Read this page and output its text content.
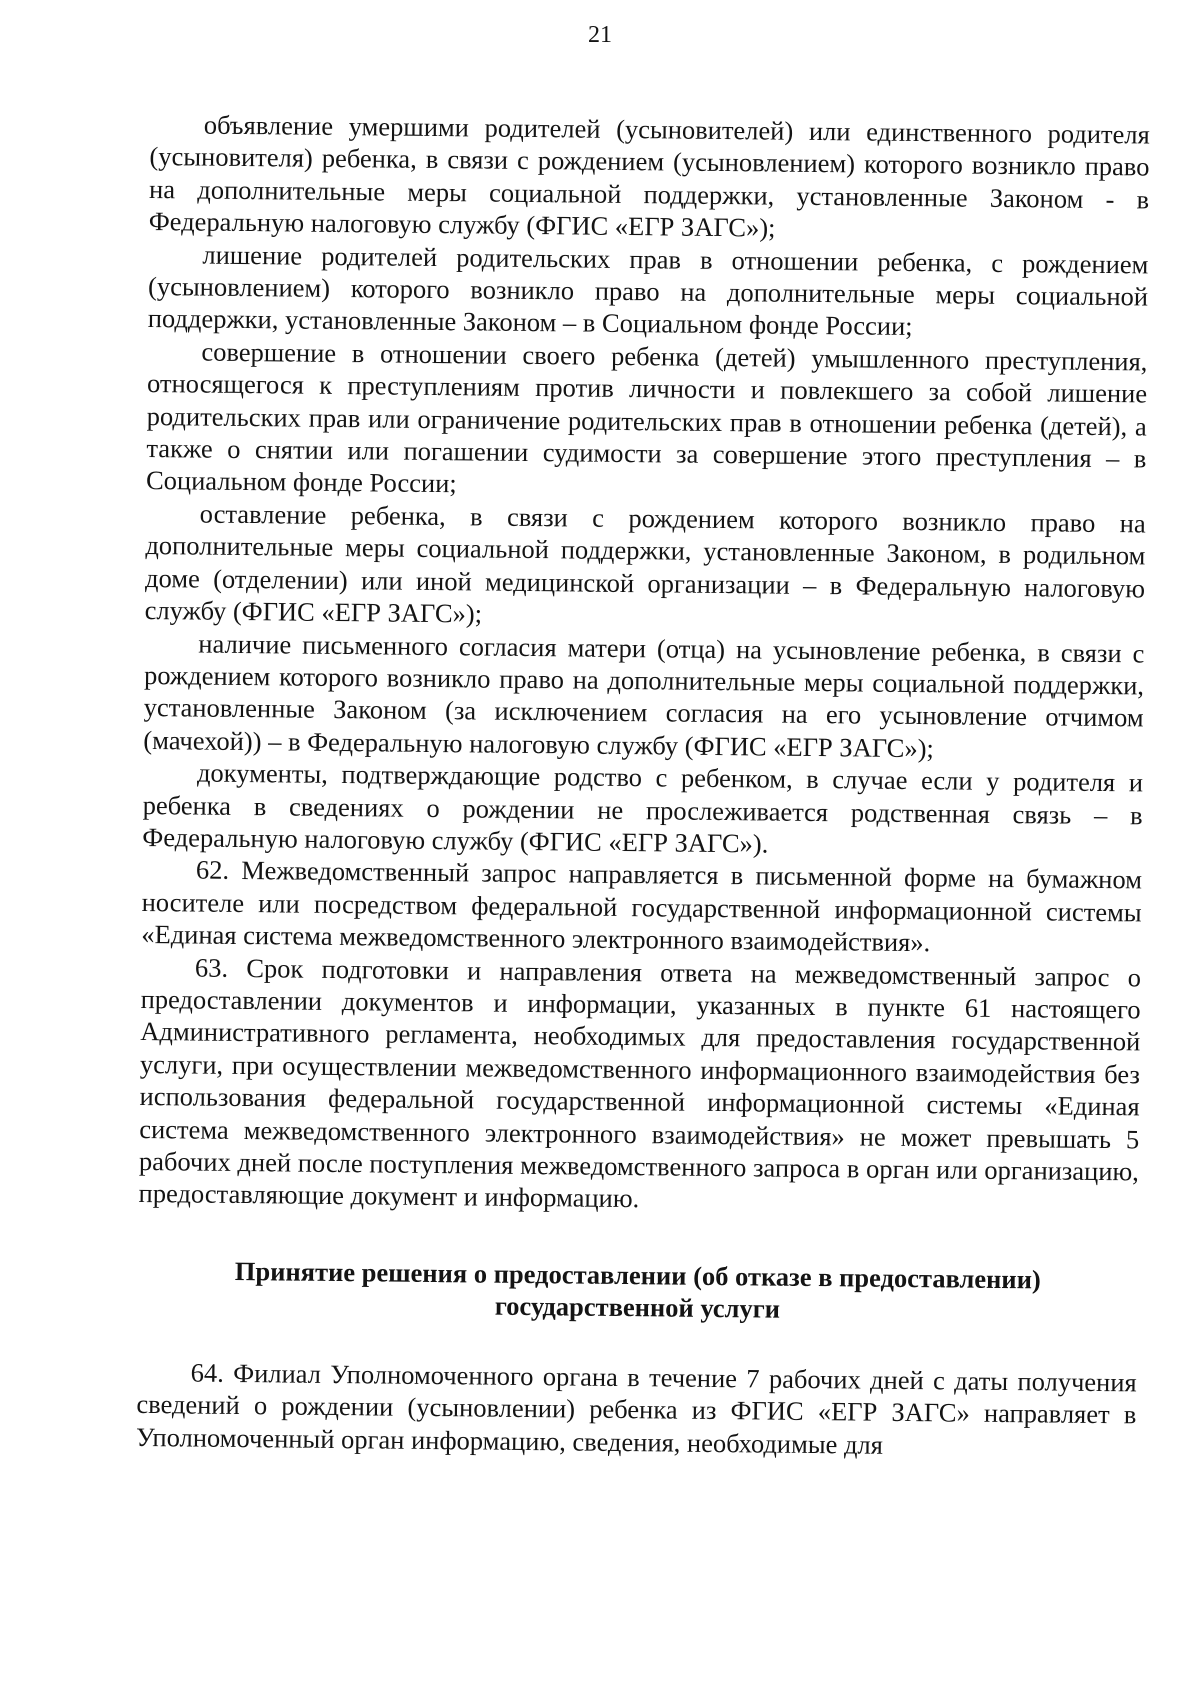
21

объявление умершими родителей (усыновителей) или единственного родителя (усыновителя) ребенка, в связи с рождением (усыновлением) которого возникло право на дополнительные меры социальной поддержки, установленные Законом - в Федеральную налоговую службу (ФГИС «ЕГР ЗАГС»);

лишение родителей родительских прав в отношении ребенка, с рождением (усыновлением) которого возникло право на дополнительные меры социальной поддержки, установленные Законом – в Социальном фонде России;

совершение в отношении своего ребенка (детей) умышленного преступления, относящегося к преступлениям против личности и повлекшего за собой лишение родительских прав или ограничение родительских прав в отношении ребенка (детей), а также о снятии или погашении судимости за совершение этого преступления – в Социальном фонде России;

оставление ребенка, в связи с рождением которого возникло право на дополнительные меры социальной поддержки, установленные Законом, в родильном доме (отделении) или иной медицинской организации – в Федеральную налоговую службу (ФГИС «ЕГР ЗАГС»);

наличие письменного согласия матери (отца) на усыновление ребенка, в связи с рождением которого возникло право на дополнительные меры социальной поддержки, установленные Законом (за исключением согласия на его усыновление отчимом (мачехой)) – в Федеральную налоговую службу (ФГИС «ЕГР ЗАГС»);

документы, подтверждающие родство с ребенком, в случае если у родителя и ребенка в сведениях о рождении не прослеживается родственная связь – в Федеральную налоговую службу (ФГИС «ЕГР ЗАГС»).

62. Межведомственный запрос направляется в письменной форме на бумажном носителе или посредством федеральной государственной информационной системы «Единая система межведомственного электронного взаимодействия».

63. Срок подготовки и направления ответа на межведомственный запрос о предоставлении документов и информации, указанных в пункте 61 настоящего Административного регламента, необходимых для предоставления государственной услуги, при осуществлении межведомственного информационного взаимодействия без использования федеральной государственной информационной системы «Единая система межведомственного электронного взаимодействия» не может превышать 5 рабочих дней после поступления межведомственного запроса в орган или организацию, предоставляющие документ и информацию.

Принятие решения о предоставлении (об отказе в предоставлении)
государственной услуги

64. Филиал Уполномоченного органа в течение 7 рабочих дней с даты получения сведений о рождении (усыновлении) ребенка из ФГИС «ЕГР ЗАГС» направляет в Уполномоченный орган информацию, сведения, необходимые для
